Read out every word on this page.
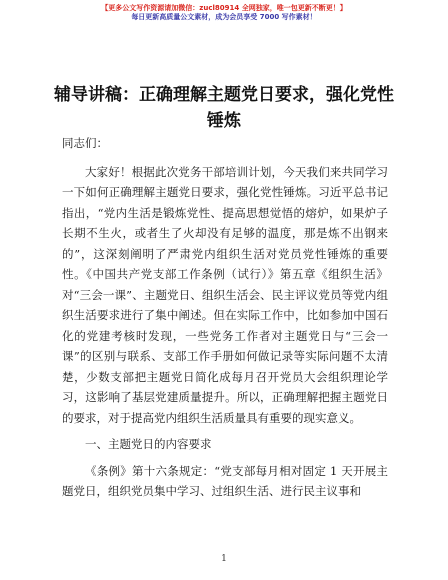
【更多公文写作资源请加微信：zucl80914 全网独家，唯一包更新不断更！】
每日更新高质量公文素材，成为会员享受 7000 写作素材！
辅导讲稿：正确理解主题党日要求，强化党性锤炼

同志们：

大家好！根据此次党务干部培训计划，今天我们来共同学习一下如何正确理解主题党日要求，强化党性锤炼。习近平总书记指出，“党内生活是锻炼党性、提高思想觉悟的熔炉，如果炉子长期不生火，或者生了火却没有足够的温度，那是炼不出钢来的”，这深刻阐明了严肃党内组织生活对党员党性锤炼的重要性。《中国共产党支部工作条例（试行）》第五章《组织生活》对“三会一课”、主题党日、组织生活会、民主评议党员等党内组织生活要求进行了集中阐述。但在实际工作中，比如参加中国石化的党建考核时发现，一些党务工作者对主题党日与“三会一课”的区别与联系、支部工作手册如何做记录等实际问题不太清楚，少数支部把主题党日简化成每月召开党员大会组织理论学习，这影响了基层党建质量提升。所以，正确理解把握主题党日的要求，对于提高党内组织生活质量具有重要的现实意义。

一、主题党日的内容要求

《条例》第十六条规定：“党支部每月相对固定 1 天开展主题党日，组织党员集中学习、过组织生活、进行民主议事和

1
